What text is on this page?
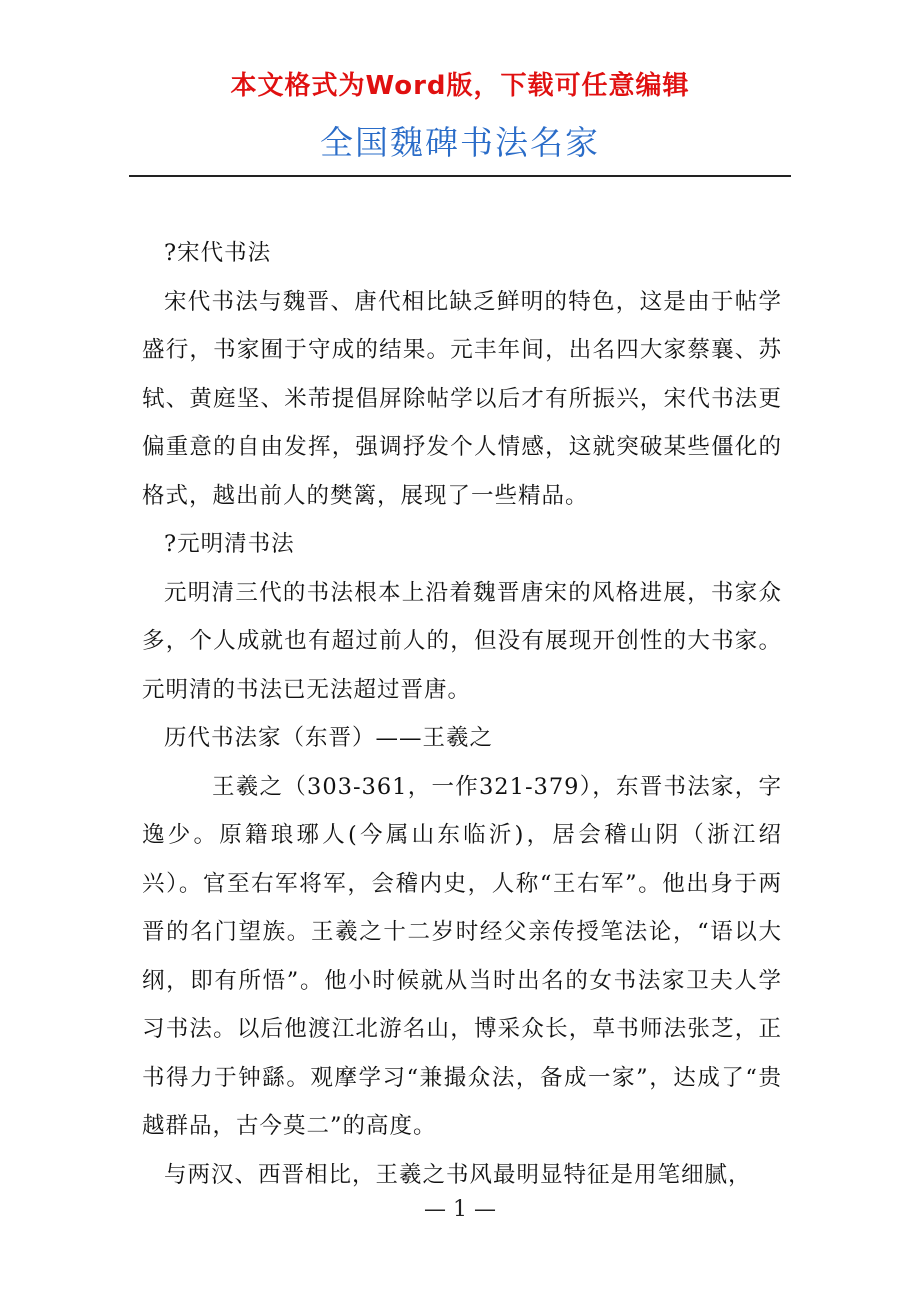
本文格式为Word版，下载可任意编辑
全国魏碑书法名家

?宋代书法

宋代书法与魏晋、唐代相比缺乏鲜明的特色，这是由于帖学盛行，书家囿于守成的结果。元丰年间，出名四大家蔡襄、苏轼、黄庭坚、米芾提倡屏除帖学以后才有所振兴，宋代书法更偏重意的自由发挥，强调抒发个人情感，这就突破某些僵化的格式，越出前人的樊篱，展现了一些精品。

?元明清书法

元明清三代的书法根本上沿着魏晋唐宋的风格进展，书家众多，个人成就也有超过前人的，但没有展现开创性的大书家。元明清的书法已无法超过晋唐。

历代书法家（东晋）——王羲之

王羲之（303-361，一作321-379），东晋书法家，字逸少。原籍琅琊人(今属山东临沂)，居会稽山阴（浙江绍兴）。官至右军将军，会稽内史，人称“王右军”。他出身于两晋的名门望族。王羲之十二岁时经父亲传授笔法论，“语以大纲，即有所悟”。他小时候就从当时出名的女书法家卫夫人学习书法。以后他渡江北游名山，博采众长，草书师法张芝，正书得力于钟繇。观摩学习“兼撮众法，备成一家”，达成了“贵越群品，古今莫二”的高度。

与两汉、西晋相比，王羲之书风最明显特征是用笔细腻，

— 1 —
